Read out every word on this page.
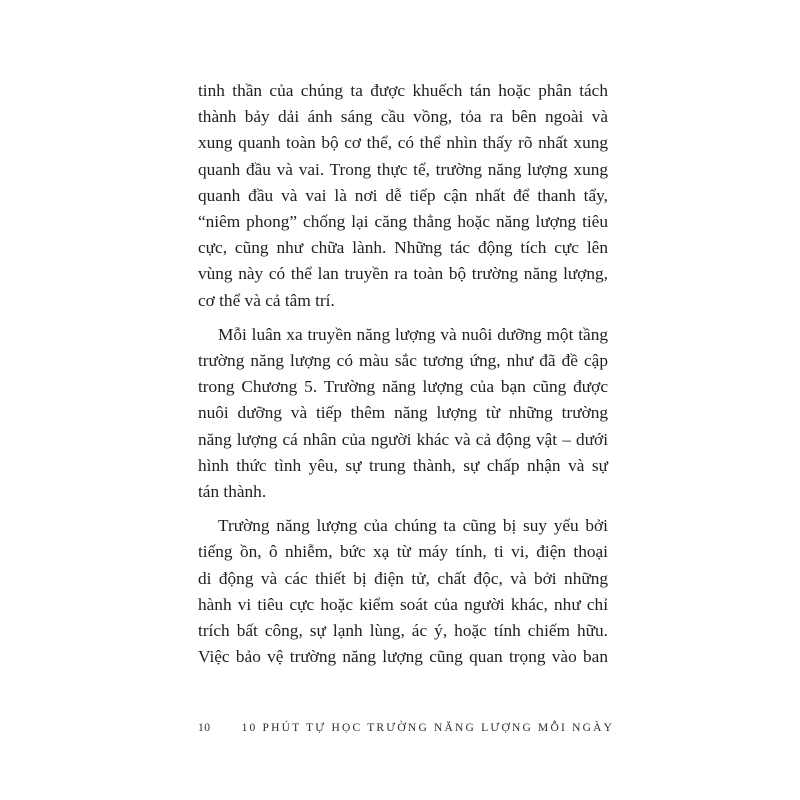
tinh thần của chúng ta được khuếch tán hoặc phân tách
thành bảy dải ánh sáng cầu vồng, tỏa ra bên ngoài và
xung quanh toàn bộ cơ thể, có thể nhìn thấy rõ nhất xung
quanh đầu và vai. Trong thực tế, trường năng lượng xung
quanh đầu và vai là nơi dễ tiếp cận nhất để thanh tẩy,
“niêm phong” chống lại căng thẳng hoặc năng lượng tiêu
cực, cũng như chữa lành. Những tác động tích cực lên
vùng này có thể lan truyền ra toàn bộ trường năng lượng,
cơ thể và cả tâm trí.

Mỗi luân xa truyền năng lượng và nuôi dưỡng một tầng
trường năng lượng có màu sắc tương ứng, như đã đề cập
trong Chương 5. Trường năng lượng của bạn cũng được
nuôi dưỡng và tiếp thêm năng lượng từ những trường
năng lượng cá nhân của người khác và cả động vật – dưới
hình thức tình yêu, sự trung thành, sự chấp nhận và sự
tán thành.

Trường năng lượng của chúng ta cũng bị suy yếu bởi
tiếng ồn, ô nhiễm, bức xạ từ máy tính, ti vi, điện thoại
di động và các thiết bị điện tử, chất độc, và bởi những
hành vi tiêu cực hoặc kiểm soát của người khác, như chỉ
trích bất công, sự lạnh lùng, ác ý, hoặc tính chiếm hữu.
Việc bảo vệ trường năng lượng cũng quan trọng vào ban

10	10 PHÚT TỰ HỌC TRƯỜNG NĂNG LƯỢNG MỖI NGÀY
